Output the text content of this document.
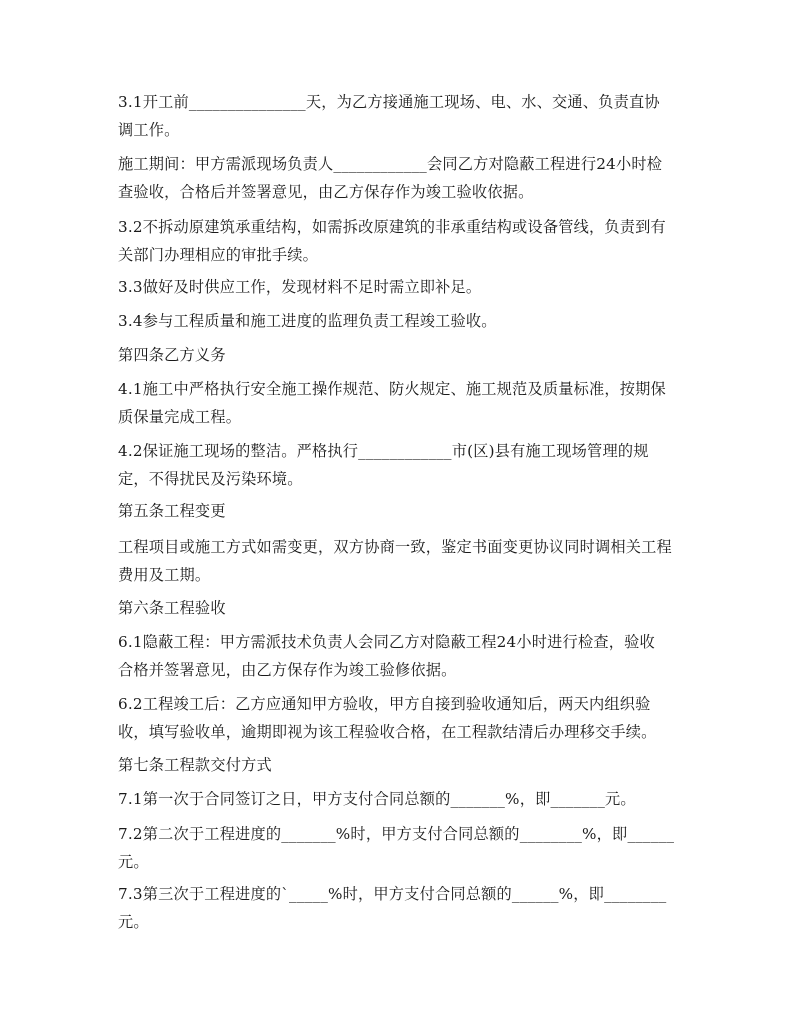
3.1开工前_______________天，为乙方接通施工现场、电、水、交通、负责直协
调工作。
施工期间：甲方需派现场负责人____________会同乙方对隐蔽工程进行24小时检
查验收，合格后并签署意见，由乙方保存作为竣工验收依据。
3.2不拆动原建筑承重结构，如需拆改原建筑的非承重结构或设备管线，负责到有
关部门办理相应的审批手续。
3.3做好及时供应工作，发现材料不足时需立即补足。
3.4参与工程质量和施工进度的监理负责工程竣工验收。
第四条乙方义务
4.1施工中严格执行安全施工操作规范、防火规定、施工规范及质量标准，按期保
质保量完成工程。
4.2保证施工现场的整洁。严格执行____________市(区)县有施工现场管理的规
定，不得扰民及污染环境。
第五条工程变更
工程项目或施工方式如需变更，双方协商一致，鉴定书面变更协议同时调相关工程
费用及工期。
第六条工程验收
6.1隐蔽工程：甲方需派技术负责人会同乙方对隐蔽工程24小时进行检查，验收
合格并签署意见，由乙方保存作为竣工验修依据。
6.2工程竣工后：乙方应通知甲方验收，甲方自接到验收通知后，两天内组织验
收，填写验收单，逾期即视为该工程验收合格，在工程款结清后办理移交手续。
第七条工程款交付方式
7.1第一次于合同签订之日，甲方支付合同总额的_______%，即_______元。
7.2第二次于工程进度的_______%时，甲方支付合同总额的________%，即______
元。
7.3第三次于工程进度的`_____%时，甲方支付合同总额的______%，即________
元。
